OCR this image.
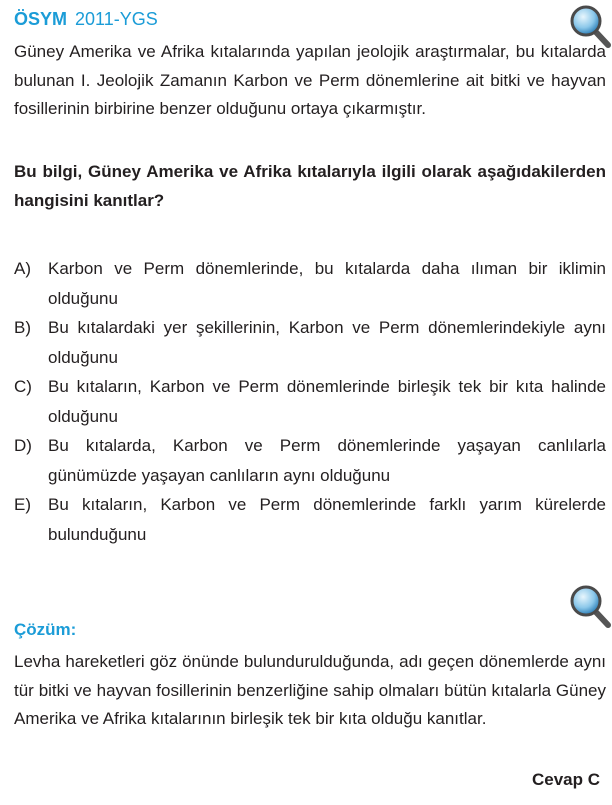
ÖSYM 2011-YGS
Güney Amerika ve Afrika kıtalarında yapılan jeolojik araştırmalar, bu kıtalarda bulunan I. Jeolojik Zamanın Karbon ve Perm dönemlerine ait bitki ve hayvan fosillerinin birbirine benzer olduğunu ortaya çıkarmıştır.
Bu bilgi, Güney Amerika ve Afrika kıtalarıyla ilgili olarak aşağıdakilerden hangisini kanıtlar?
A)	Karbon ve Perm dönemlerinde, bu kıtalarda daha ılıman bir iklimin olduğunu
B)	Bu kıtalardaki yer şekillerinin, Karbon ve Perm dönemlerindekiyle aynı olduğunu
C) Bu kıtaların, Karbon ve Perm dönemlerinde birleşik tek bir kıta halinde olduğunu
D) Bu kıtalarda, Karbon ve Perm dönemlerinde yaşayan canlılarla günümüzde yaşayan canlıların aynı olduğunu
E)	Bu kıtaların, Karbon ve Perm dönemlerinde farklı yarım kürelerde bulunduğunu
Çözüm:
Levha hareketleri göz önünde bulundurulduğunda, adı geçen dönemlerde aynı tür bitki ve hayvan fosillerinin benzerliğine sahip olmaları bütün kıtalarla Güney Amerika ve Afrika kıtalarının birleşik tek bir kıta olduğu kanıtlar.
Cevap C
